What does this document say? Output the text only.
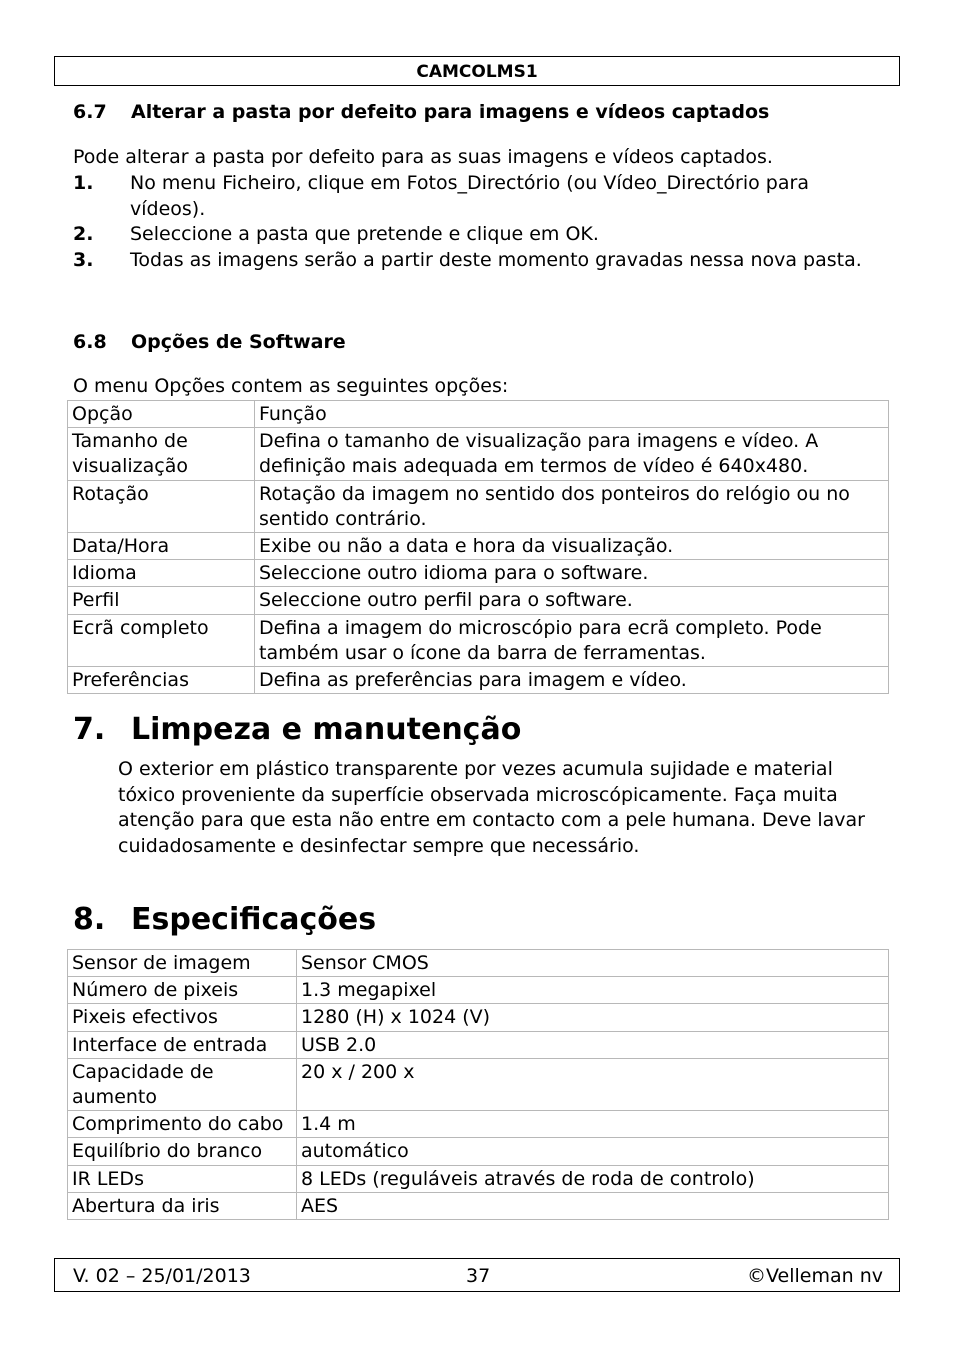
CAMCOLMS1
6.7 Alterar a pasta por defeito para imagens e vídeos captados
Pode alterar a pasta por defeito para as suas imagens e vídeos captados.
1.	No menu Ficheiro, clique em Fotos_Directório (ou Vídeo_Directório para vídeos).
2.	Seleccione a pasta que pretende e clique em OK.
3.	Todas as imagens serão a partir deste momento gravadas nessa nova pasta.
6.8 Opções de Software
O menu Opções contem as seguintes opções:
Opção	Função
Tamanho de visualização	Defina o tamanho de visualização para imagens e vídeo. A definição mais adequada em termos de vídeo é 640x480.
Rotação	Rotação da imagem no sentido dos ponteiros do relógio ou no sentido contrário.
Data/Hora	Exibe ou não a data e hora da visualização.
Idioma	Seleccione outro idioma para o software.
Perfil	Seleccione outro perfil para o software.
Ecrã completo	Defina a imagem do microscópio para ecrã completo. Pode também usar o ícone da barra de ferramentas.
Preferências	Defina as preferências para imagem e vídeo.
7. Limpeza e manutenção
O exterior em plástico transparente por vezes acumula sujidade e material tóxico proveniente da superfície observada microscópicamente. Faça muita atenção para que esta não entre em contacto com a pele humana. Deve lavar cuidadosamente e desinfectar sempre que necessário.
8. Especificações
Sensor de imagem	Sensor CMOS
Número de pixeis	1.3 megapixel
Pixeis efectivos	1280 (H) x 1024 (V)
Interface de entrada	USB 2.0
Capacidade de aumento	20 x / 200 x
Comprimento do cabo	1.4 m
Equilíbrio do branco	automático
IR LEDs	8 LEDs (reguláveis através de roda de controlo)
Abertura da iris	AES
V. 02 – 25/01/2013	37	©Velleman nv
